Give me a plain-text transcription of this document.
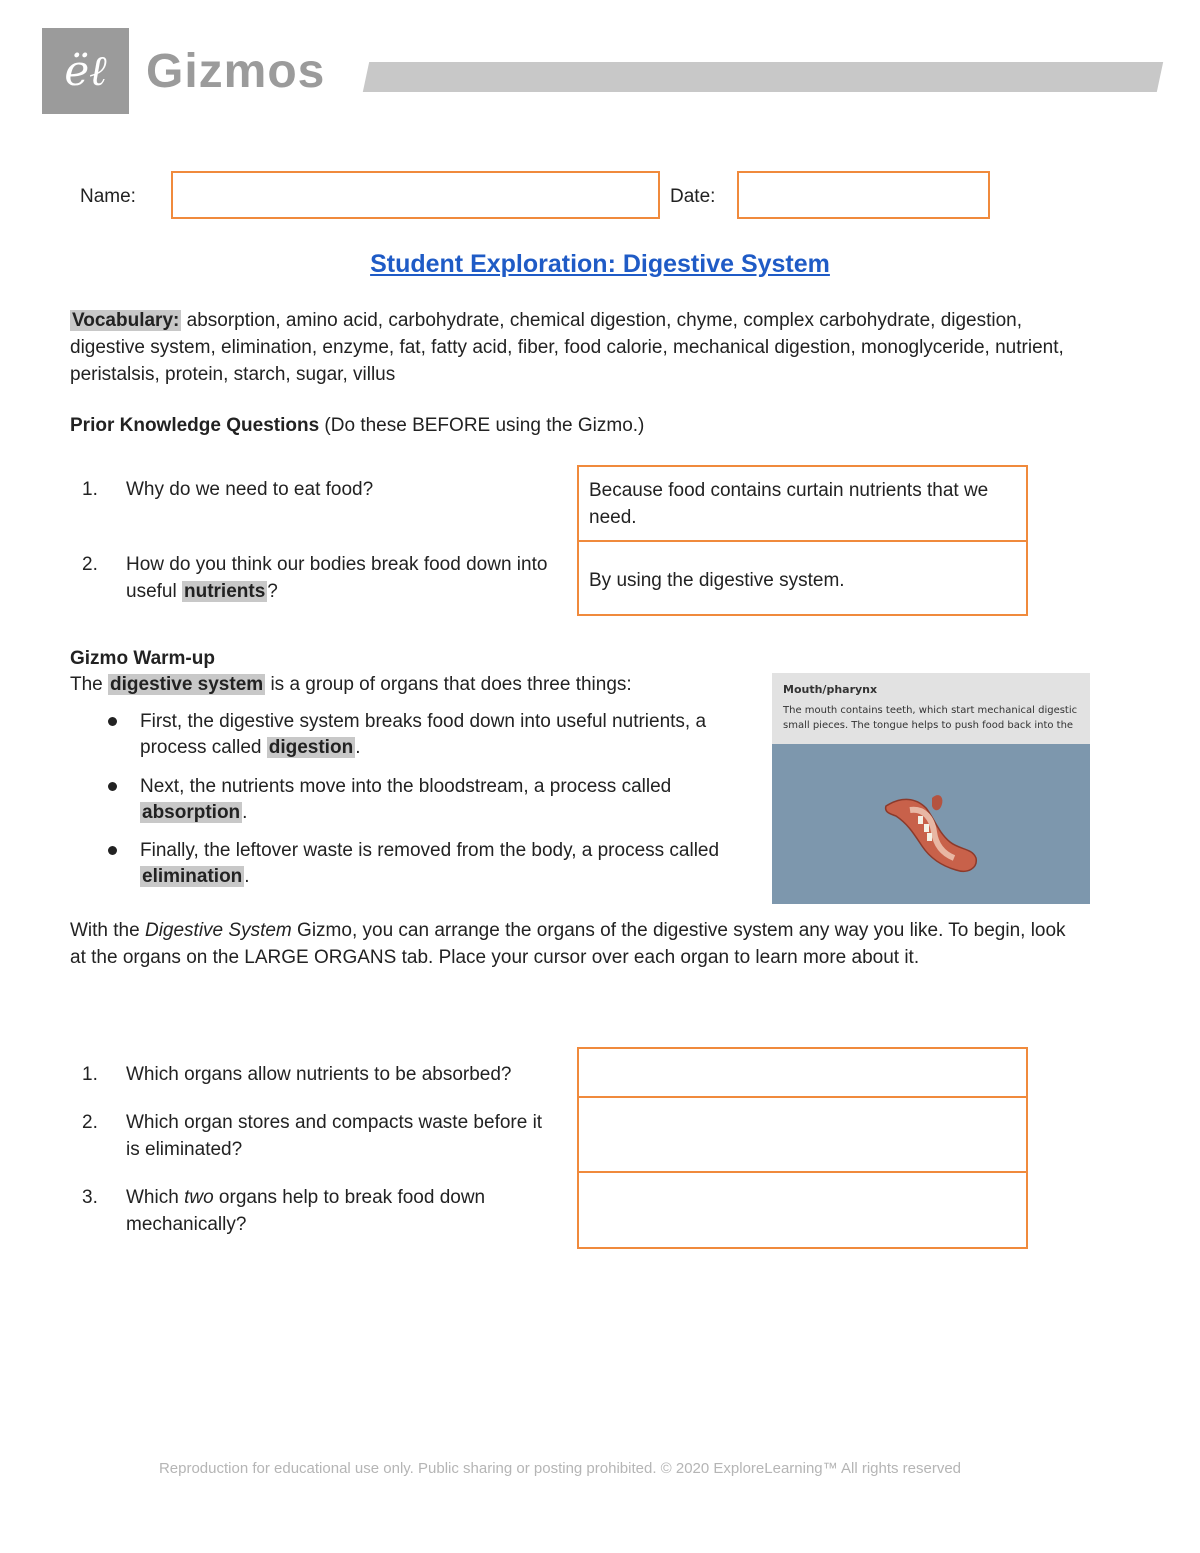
ëℓ Gizmos
Name:	Date:
Student Exploration: Digestive System
Vocabulary: absorption, amino acid, carbohydrate, chemical digestion, chyme, complex carbohydrate, digestion, digestive system, elimination, enzyme, fat, fatty acid, fiber, food calorie, mechanical digestion, monoglyceride, nutrient, peristalsis, protein, starch, sugar, villus
Prior Knowledge Questions (Do these BEFORE using the Gizmo.)
1. Why do we need to eat food?
2. How do you think our bodies break food down into useful nutrients ?
Because food contains curtain nutrients that we need.
By using the digestive system.
Gizmo Warm-up
The digestive system is a group of organs that does three things:
First, the digestive system breaks food down into useful nutrients, a process called digestion .
Next, the nutrients move into the bloodstream, a process called absorption .
Finally, the leftover waste is removed from the body, a process called elimination .
Mouth/pharynx
The mouth contains teeth, which start mechanical digestic
small pieces. The tongue helps to push food back into the
With the Digestive System Gizmo, you can arrange the organs of the digestive system any way you like. To begin, look at the organs on the LARGE ORGANS tab. Place your cursor over each organ to learn more about it.
1. Which organs allow nutrients to be absorbed?
2. Which organ stores and compacts waste before it is eliminated?
3. Which two organs help to break food down mechanically?
Reproduction for educational use only. Public sharing or posting prohibited. © 2020 ExploreLearning™ All rights reserved
